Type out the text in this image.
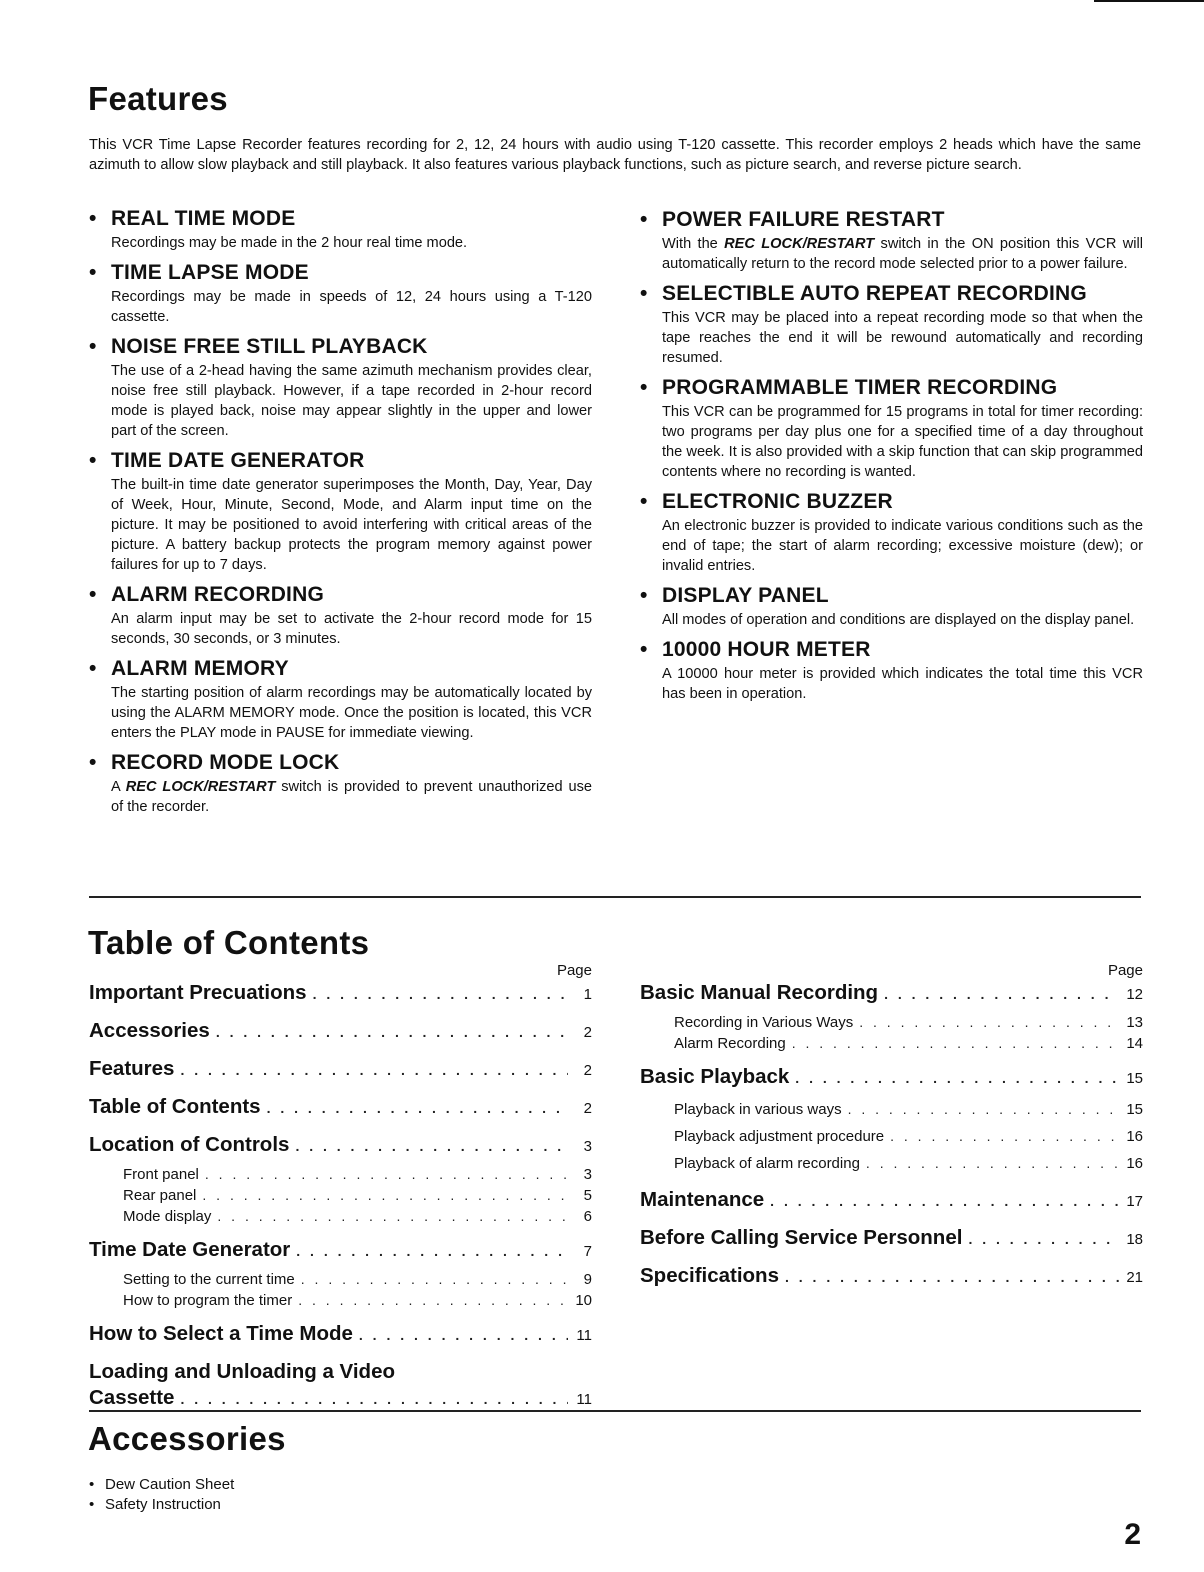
Features

This VCR Time Lapse Recorder features recording for 2, 12, 24 hours with audio using T-120 cassette. This recorder employs 2 heads which have the same azimuth to allow slow playback and still playback. It also features various playback functions, such as picture search, and reverse picture search.

• REAL TIME MODE

Recordings may be made in the 2 hour real time mode.

• TIME LAPSE MODE

Recordings may be made in speeds of 12, 24 hours using a T-120 cassette.

• NOISE FREE STILL PLAYBACK

The use of a 2-head having the same azimuth mechanism provides clear, noise free still playback. However, if a tape recorded in 2-hour record mode is played back, noise may appear slightly in the upper and lower part of the screen.

• TIME DATE GENERATOR

The built-in time date generator superimposes the Month, Day, Year, Day of Week, Hour, Minute, Second, Mode, and Alarm input time on the picture. It may be positioned to avoid interfering with critical areas of the picture. A battery backup protects the program memory against power failures for up to 7 days.

• ALARM RECORDING

An alarm input may be set to activate the 2-hour record mode for 15 seconds, 30 seconds, or 3 minutes.

• ALARM MEMORY

The starting position of alarm recordings may be automatically located by using the ALARM MEMORY mode. Once the position is located, this VCR enters the PLAY mode in PAUSE for immediate viewing.

• RECORD MODE LOCK

A REC LOCK/RESTART switch is provided to prevent unauthorized use of the recorder.

• POWER FAILURE RESTART

With the REC LOCK/RESTART switch in the ON position this VCR will automatically return to the record mode selected prior to a power failure.

• SELECTIBLE AUTO REPEAT RECORDING

This VCR may be placed into a repeat recording mode so that when the tape reaches the end it will be rewound automatically and recording resumed.

• PROGRAMMABLE TIMER RECORDING

This VCR can be programmed for 15 programs in total for timer recording: two programs per day plus one for a specified time of a day throughout the week. It is also provided with a skip function that can skip programmed contents where no recording is wanted.

• ELECTRONIC BUZZER

An electronic buzzer is provided to indicate various conditions such as the end of tape; the start of alarm recording; excessive moisture (dew); or invalid entries.

• DISPLAY PANEL

All modes of operation and conditions are displayed on the display panel.

• 10000 HOUR METER

A 10000 hour meter is provided which indicates the total time this VCR has been in operation.

Table of Contents
Page
Important Precuations . . .	1
Accessories . . .	2
Features . . .	2
Table of Contents . . .	2
Location of Controls . . .	3
Front panel . . .	3
Rear panel . . .	5
Mode display . . .	6
Time Date Generator . . .	7
Setting to the current time . . .	9
How to program the timer . . .	10
How to Select a Time Mode . . .	11
Loading and Unloading a Video
Cassette . . .	11
Page
Basic Manual Recording . . .	12
Recording in Various Ways . . .	13
Alarm Recording . . .	14
Basic Playback . . .	15
Playback in various ways . . .	15
Playback adjustment procedure . . .	16
Playback of alarm recording . . .	16
Maintenance . . .	17
Before Calling Service Personnel . . .	18
Specifications . . .	21
Accessories
• Dew Caution Sheet
• Safety Instruction
2
